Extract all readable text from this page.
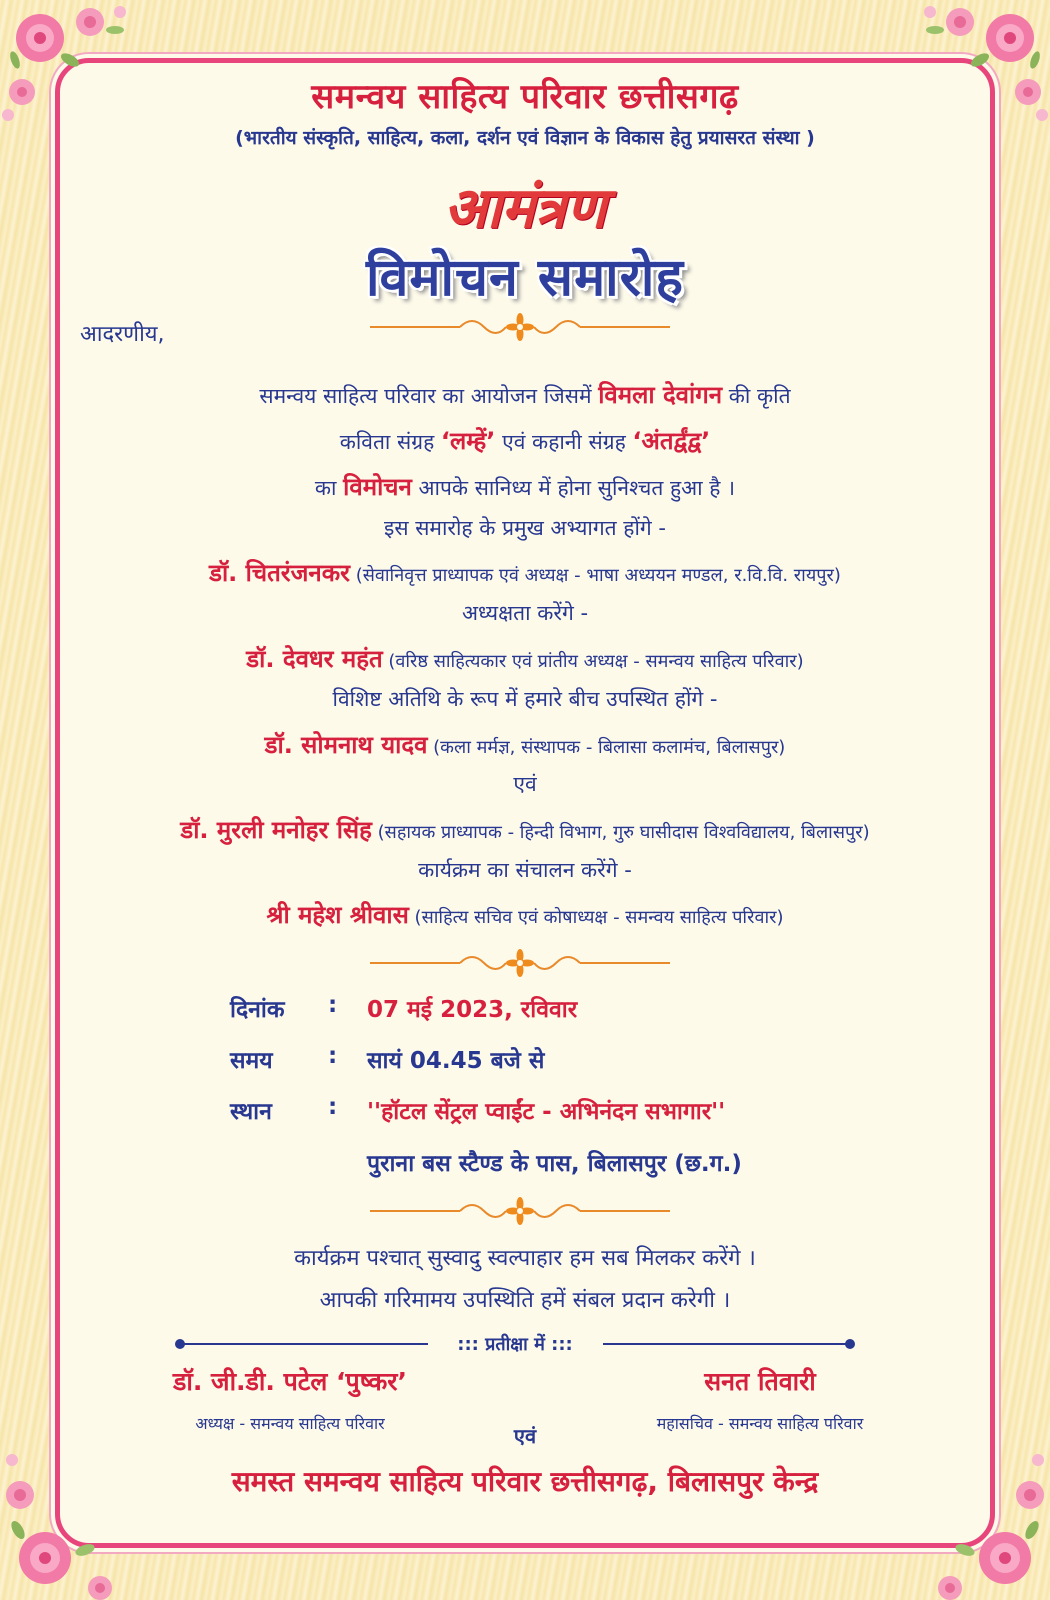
समन्वय साहित्य परिवार छत्तीसगढ़
(भारतीय संस्कृति, साहित्य, कला, दर्शन एवं विज्ञान के विकास हेतु प्रयासरत संस्था )
आमंत्रण
विमोचन समारोह
आदरणीय,
समन्वय साहित्य परिवार का आयोजन जिसमें विमला देवांगन की कृति
कविता संग्रह ‘लम्हें’ एवं कहानी संग्रह ‘अंतर्द्वंद्व’
का विमोचन आपके सानिध्य में होना सुनिश्चत हुआ है ।
इस समारोह के प्रमुख अभ्यागत होंगे -
डॉ. चितरंजनकर (सेवानिवृत्त प्राध्यापक एवं अध्यक्ष - भाषा अध्ययन मण्डल, र.वि.वि. रायपुर)
अध्यक्षता करेंगे -
डॉ. देवधर महंत (वरिष्ठ साहित्यकार एवं प्रांतीय अध्यक्ष - समन्वय साहित्य परिवार)
विशिष्ट अतिथि के रूप में हमारे बीच उपस्थित होंगे -
डॉ. सोमनाथ यादव (कला मर्मज्ञ, संस्थापक - बिलासा कलामंच, बिलासपुर)
एवं
डॉ. मुरली मनोहर सिंह (सहायक प्राध्यापक - हिन्दी विभाग, गुरु घासीदास विश्वविद्यालय, बिलासपुर)
कार्यक्रम का संचालन करेंगे -
श्री महेश श्रीवास (साहित्य सचिव एवं कोषाध्यक्ष - समन्वय साहित्य परिवार)
दिनांक : 07 मई 2023, रविवार
समय : सायं 04.45 बजे से
स्थान : ''हॉटल सेंट्रल प्वाईंट - अभिनंदन सभागार''
पुराना बस स्टैण्ड के पास, बिलासपुर (छ.ग.)
कार्यक्रम पश्चात् सुस्वादु स्वल्पाहार हम सब मिलकर करेंगे ।
आपकी गरिमामय उपस्थिति हमें संबल प्रदान करेगी ।
::: प्रतीक्षा में :::
डॉ. जी.डी. पटेल ‘पुष्कर’
अध्यक्ष - समन्वय साहित्य परिवार
सनत तिवारी
महासचिव - समन्वय साहित्य परिवार
एवं
समस्त समन्वय साहित्य परिवार छत्तीसगढ़, बिलासपुर केन्द्र
